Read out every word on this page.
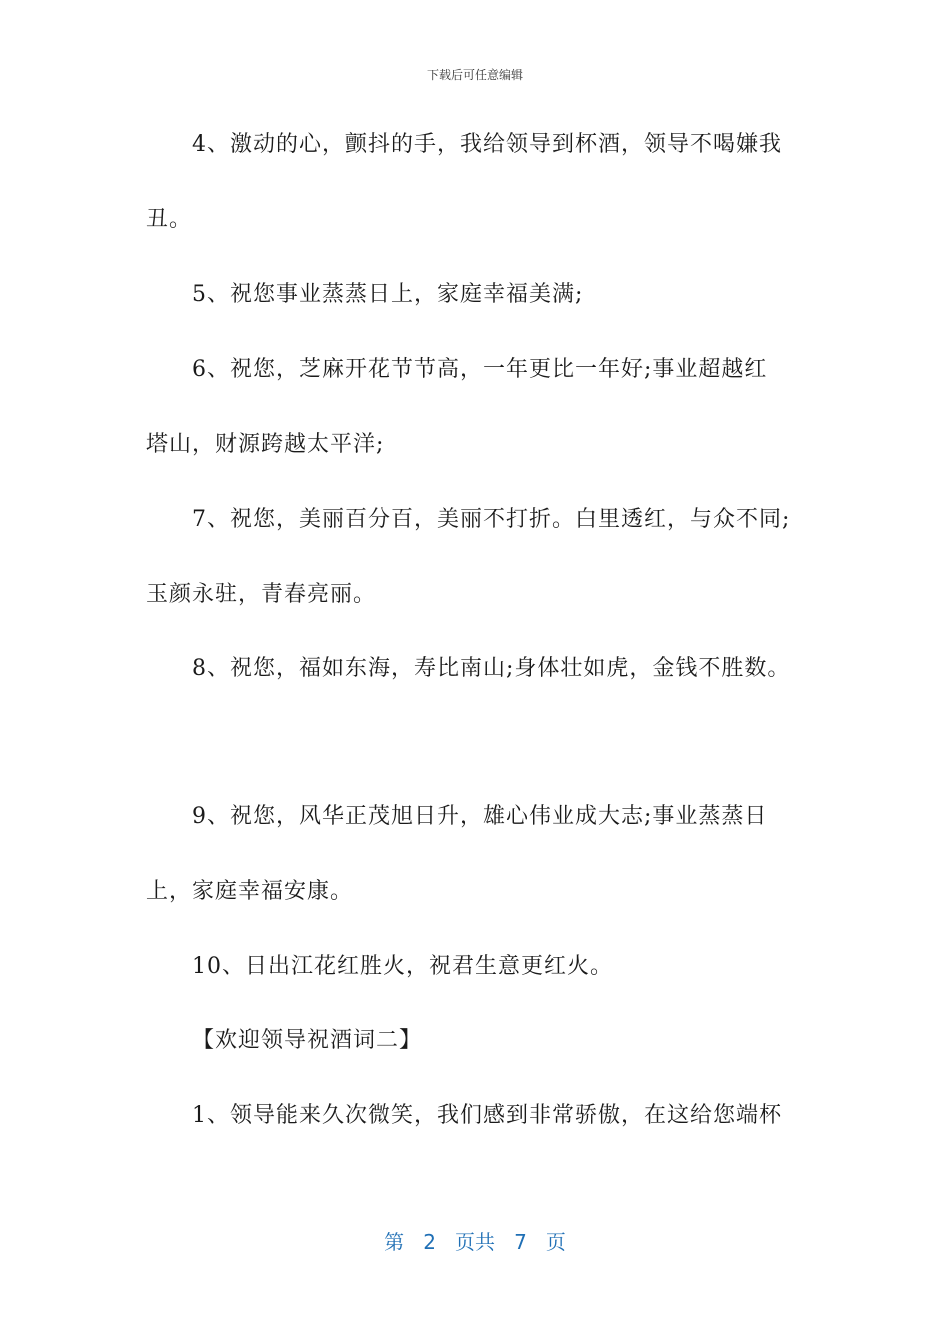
下载后可任意编辑
4、激动的心，颤抖的手，我给领导到杯酒，领导不喝嫌我
丑。
5、祝您事业蒸蒸日上，家庭幸福美满;
6、祝您，芝麻开花节节高，一年更比一年好;事业超越红
塔山，财源跨越太平洋;
7、祝您，美丽百分百，美丽不打折。白里透红，与众不同;
玉颜永驻，青春亮丽。
8、祝您，福如东海，寿比南山;身体壮如虎，金钱不胜数。
9、祝您，风华正茂旭日升，雄心伟业成大志;事业蒸蒸日
上，家庭幸福安康。
10、日出江花红胜火，祝君生意更红火。
【欢迎领导祝酒词二】
1、领导能来久次微笑，我们感到非常骄傲，在这给您端杯
第 2 页共 7 页
